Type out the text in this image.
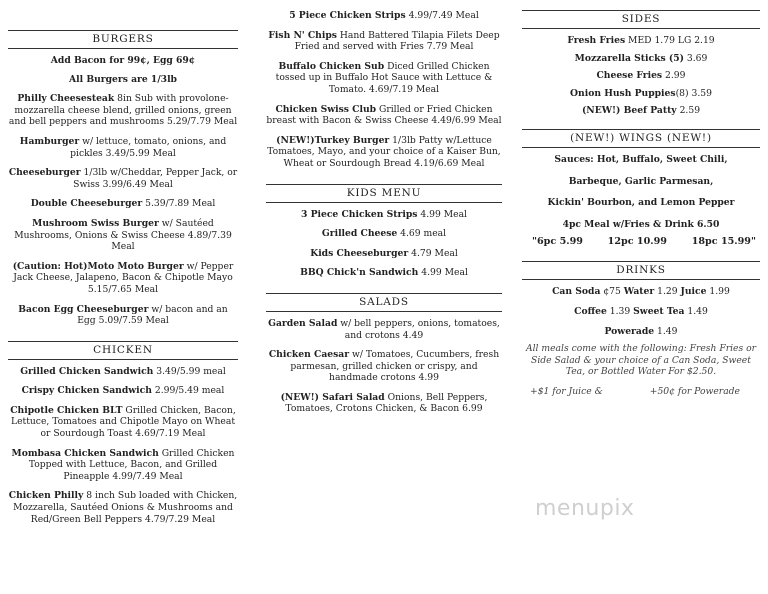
BURGERS
Add Bacon for 99¢, Egg 69¢
All Burgers are 1/3lb
Philly Cheesesteak 8in Sub with provolone-mozzarella cheese blend, grilled onions, green and bell peppers and mushrooms 5.29/7.79 Meal
Hamburger w/ lettuce, tomato, onions, and pickles 3.49/5.99 Meal
Cheeseburger 1/3lb w/Cheddar, Pepper Jack, or Swiss 3.99/6.49 Meal
Double Cheeseburger 5.39/7.89 Meal
Mushroom Swiss Burger w/ Sautéed Mushrooms, Onions & Swiss Cheese 4.89/7.39 Meal
(Caution: Hot)Moto Moto Burger w/ Pepper Jack Cheese, Jalapeno, Bacon & Chipotle Mayo 5.15/7.65 Meal
Bacon Egg Cheeseburger w/ bacon and an Egg 5.09/7.59 Meal
CHICKEN
Grilled Chicken Sandwich 3.49/5.99 meal
Crispy Chicken Sandwich 2.99/5.49 meal
Chipotle Chicken BLT Grilled Chicken, Bacon, Lettuce, Tomatoes and Chipotle Mayo on Wheat or Sourdough Toast 4.69/7.19 Meal
Mombasa Chicken Sandwich Grilled Chicken Topped with Lettuce, Bacon, and Grilled Pineapple 4.99/7.49 Meal
Chicken Philly 8 inch Sub loaded with Chicken, Mozzarella, Sautéed Onions & Mushrooms and Red/Green Bell Peppers 4.79/7.29 Meal
5 Piece Chicken Strips 4.99/7.49 Meal
Fish N' Chips Hand Battered Tilapia Filets Deep Fried and served with Fries 7.79 Meal
Buffalo Chicken Sub Diced Grilled Chicken tossed up in Buffalo Hot Sauce with Lettuce & Tomato. 4.69/7.19 Meal
Chicken Swiss Club Grilled or Fried Chicken breast with Bacon & Swiss Cheese 4.49/6.99 Meal
(NEW!)Turkey Burger 1/3lb Patty w/Lettuce Tomatoes, Mayo, and your choice of a Kaiser Bun, Wheat or Sourdough Bread 4.19/6.69 Meal
KIDS MENU
3 Piece Chicken Strips 4.99 Meal
Grilled Cheese 4.69 meal
Kids Cheeseburger 4.79 Meal
BBQ Chick'n Sandwich 4.99 Meal
SALADS
Garden Salad w/ bell peppers, onions, tomatoes, and crotons 4.49
Chicken Caesar w/ Tomatoes, Cucumbers, fresh parmesan, grilled chicken or crispy, and handmade crotons 4.99
(NEW!) Safari Salad Onions, Bell Peppers, Tomatoes, Crotons Chicken, & Bacon 6.99
SIDES
Fresh Fries MED 1.79 LG 2.19
Mozzarella Sticks (5) 3.69
Cheese Fries 2.99
Onion Hush Puppies(8) 3.59
(NEW!) Beef Patty 2.59
(NEW!) WINGS (NEW!)
Sauces: Hot, Buffalo, Sweet Chili,
Barbeque, Garlic Parmesan,
Kickin' Bourbon, and Lemon Pepper
4pc Meal w/Fries & Drink 6.50
"6pc 5.99	12pc 10.99	18pc 15.99"
DRINKS
Can Soda ¢75 Water 1.29 Juice 1.99
Coffee 1.39 Sweet Tea 1.49
Powerade 1.49
All meals come with the following: Fresh Fries or Side Salad & your choice of a Can Soda, Sweet Tea, or Bottled Water For $2.50.
+$1 for Juice &	+50¢ for Powerade
menupix
